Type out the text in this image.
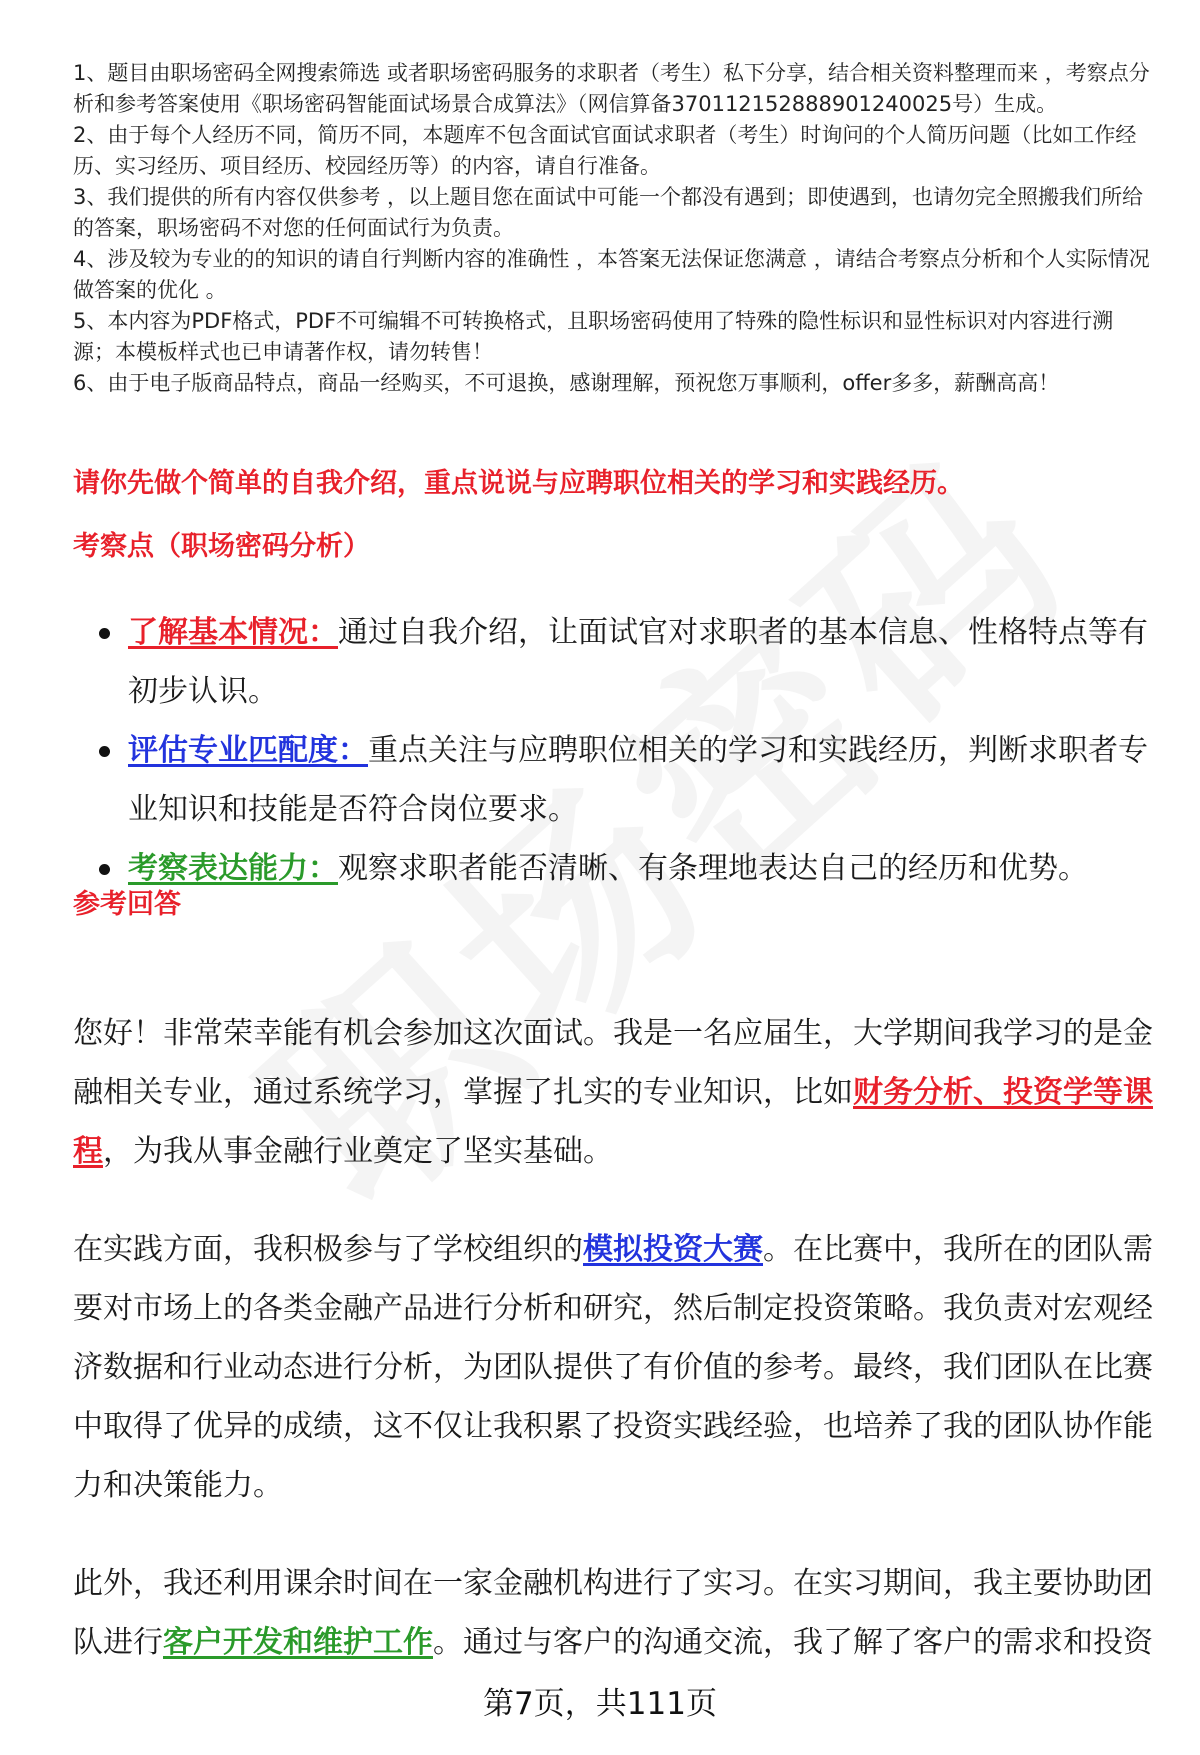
1、题目由职场密码全网搜索筛选 或者职场密码服务的求职者（考生）私下分享，结合相关资料整理而来 ，考察点分析和参考答案使用《职场密码智能面试场景合成算法》（网信算备370112152888901240025号）生成。

2、由于每个人经历不同，简历不同，本题库不包含面试官面试求职者（考生）时询问的个人简历问题（比如工作经历、实习经历、项目经历、校园经历等）的内容，请自行准备。

3、我们提供的所有内容仅供参考 ，以上题目您在面试中可能一个都没有遇到；即使遇到，也请勿完全照搬我们所给的答案，职场密码不对您的任何面试行为负责。

4、涉及较为专业的的知识的请自行判断内容的准确性 ，本答案无法保证您满意 ，请结合考察点分析和个人实际情况做答案的优化 。

5、本内容为PDF格式，PDF不可编辑不可转换格式，且职场密码使用了特殊的隐性标识和显性标识对内容进行溯源；本模板样式也已申请著作权，请勿转售！

6、由于电子版商品特点，商品一经购买，不可退换，感谢理解，预祝您万事顺利，offer多多，薪酬高高！

请你先做个简单的自我介绍，重点说说与应聘职位相关的学习和实践经历。
考察点（职场密码分析）
了解基本情况：通过自我介绍，让面试官对求职者的基本信息、性格特点等有初步认识。
评估专业匹配度：重点关注与应聘职位相关的学习和实践经历，判断求职者专业知识和技能是否符合岗位要求。
考察表达能力：观察求职者能否清晰、有条理地表达自己的经历和优势。
参考回答

您好！非常荣幸能有机会参加这次面试。我是一名应届生，大学期间我学习的是金融相关专业，通过系统学习，掌握了扎实的专业知识，比如财务分析、投资学等课程，为我从事金融行业奠定了坚实基础。

在实践方面，我积极参与了学校组织的模拟投资大赛。在比赛中，我所在的团队需要对市场上的各类金融产品进行分析和研究，然后制定投资策略。我负责对宏观经济数据和行业动态进行分析，为团队提供了有价值的参考。最终，我们团队在比赛中取得了优异的成绩，这不仅让我积累了投资实践经验，也培养了我的团队协作能力和决策能力。

此外，我还利用课余时间在一家金融机构进行了实习。在实习期间，我主要协助团队进行客户开发和维护工作。通过与客户的沟通交流，我了解了客户的需求和投资

第7页，共111页
